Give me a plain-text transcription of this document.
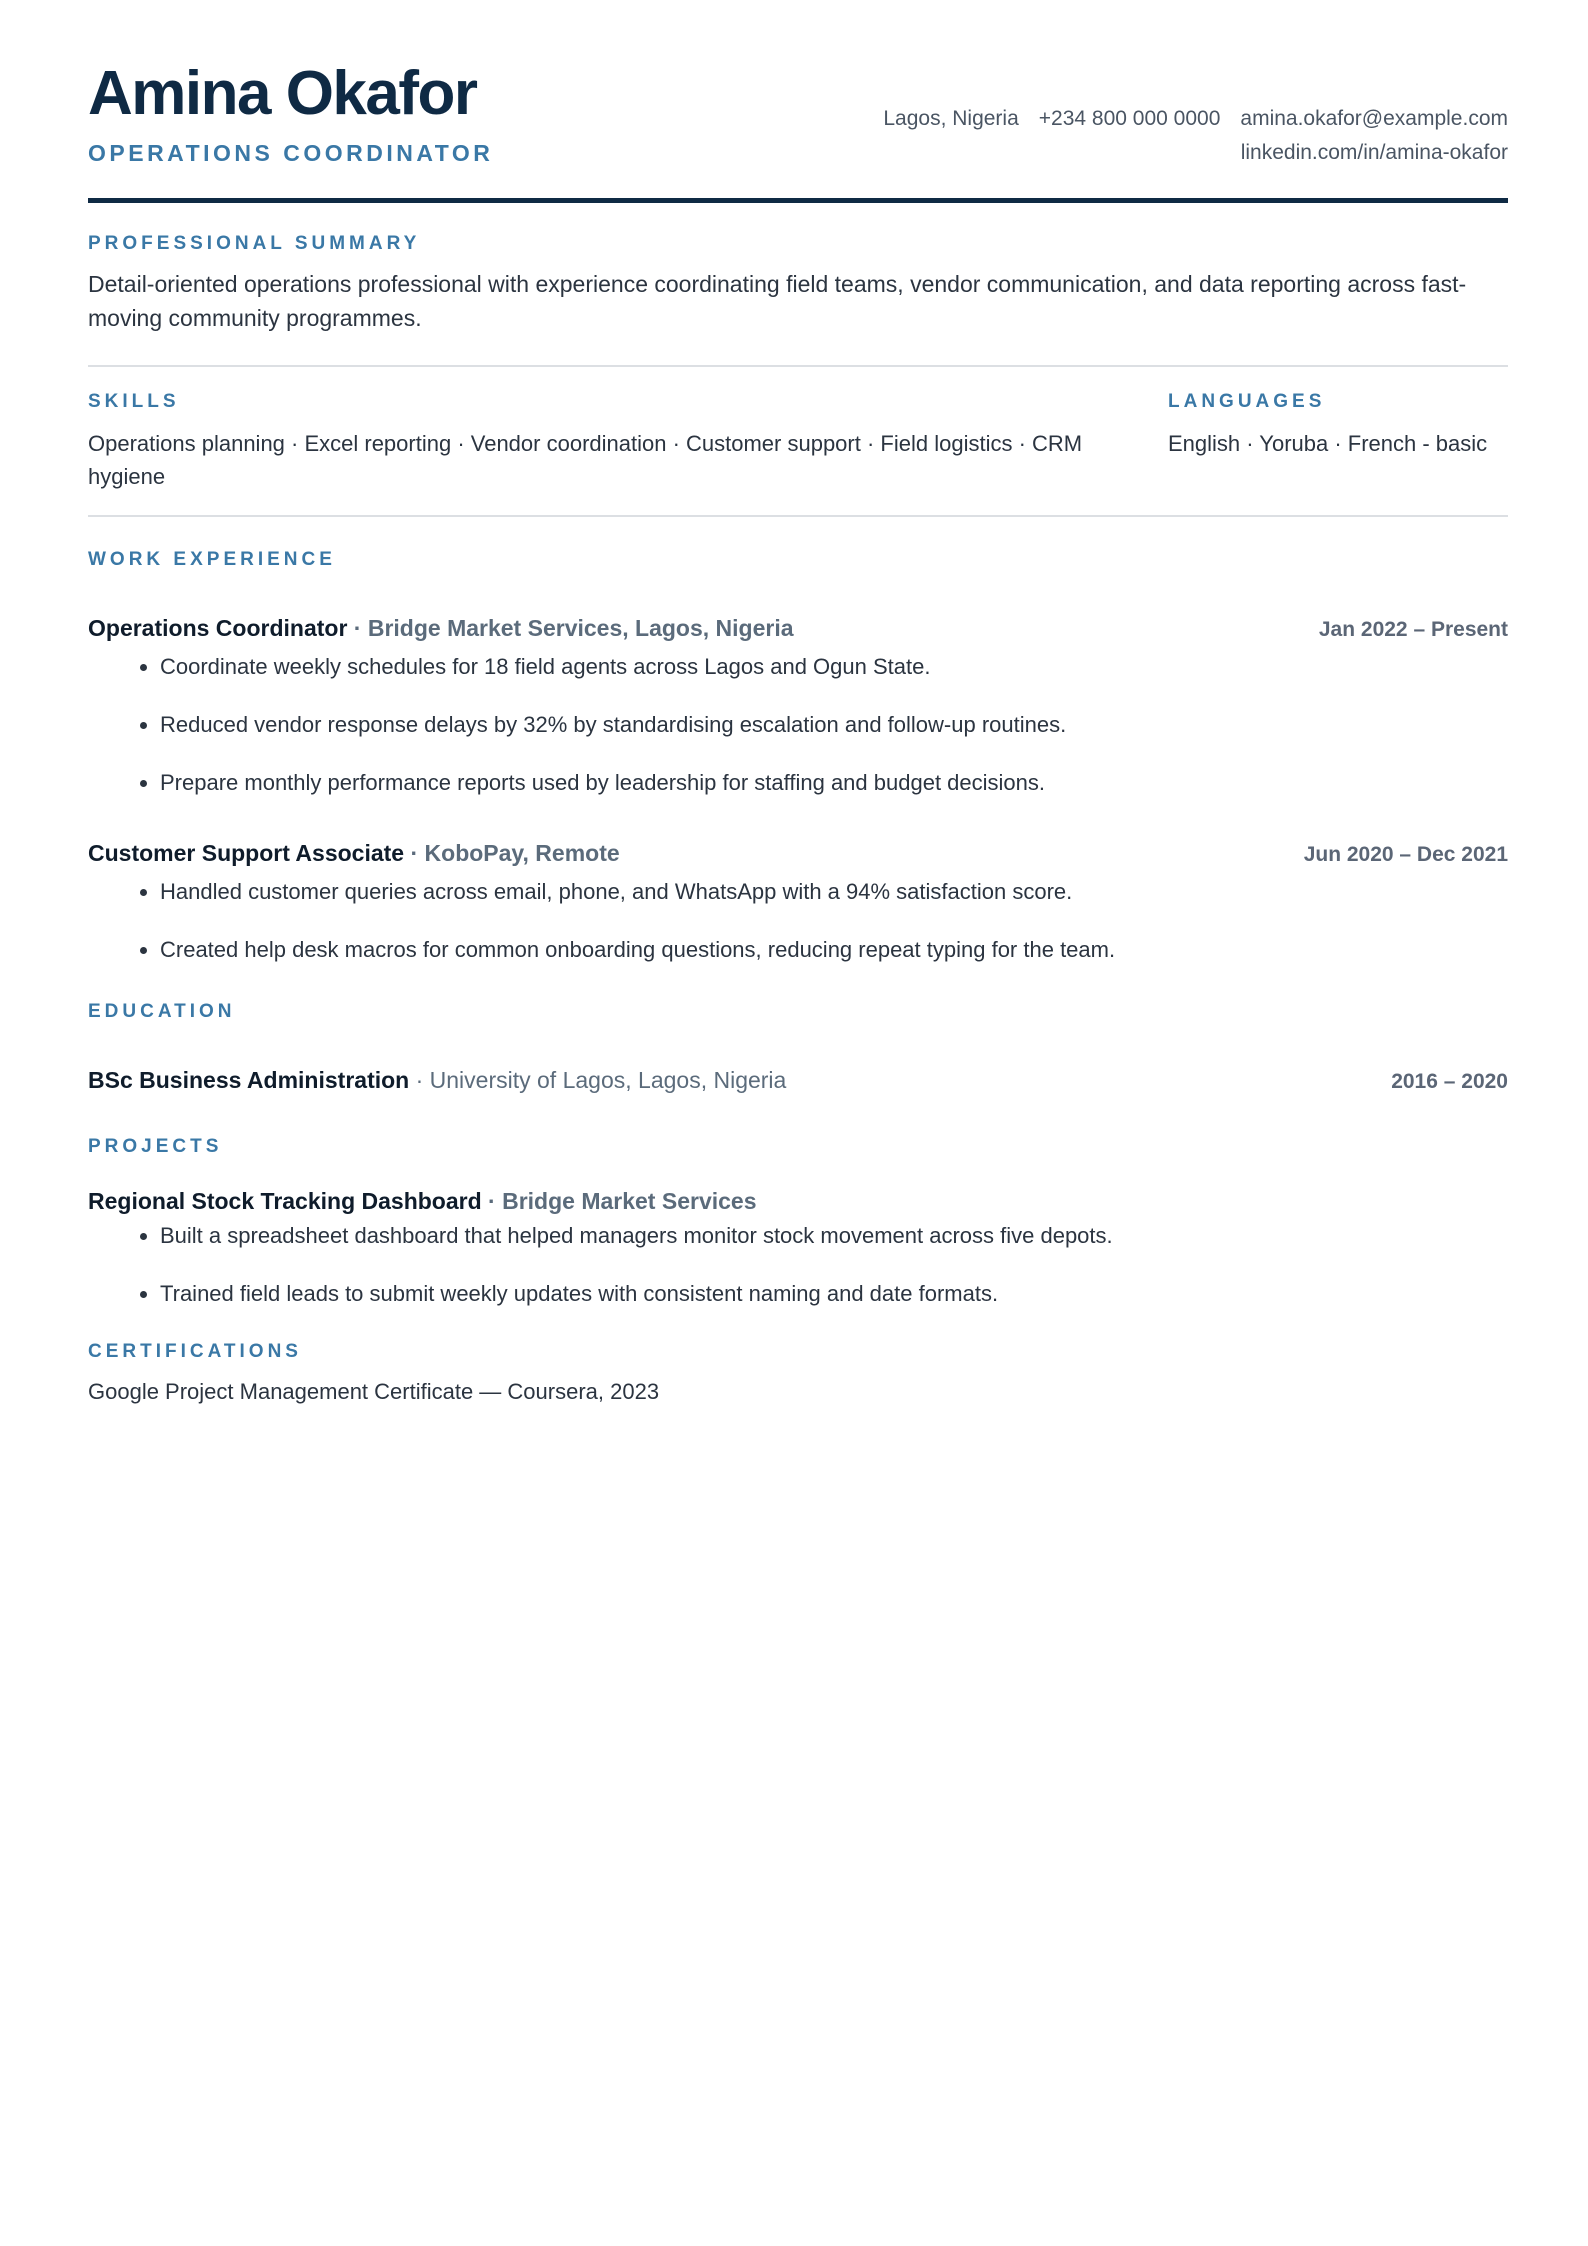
Amina Okafor
OPERATIONS COORDINATOR
Lagos, Nigeria +234 800 000 0000 amina.okafor@example.com
linkedin.com/in/amina-okafor
PROFESSIONAL SUMMARY
Detail-oriented operations professional with experience coordinating field teams, vendor communication, and data reporting across fast-moving community programmes.
SKILLS
Operations planning · Excel reporting · Vendor coordination · Customer support · Field logistics · CRM hygiene
LANGUAGES
English · Yoruba · French - basic
WORK EXPERIENCE
Operations Coordinator · Bridge Market Services, Lagos, Nigeria	Jan 2022 – Present
• Coordinate weekly schedules for 18 field agents across Lagos and Ogun State.
• Reduced vendor response delays by 32% by standardising escalation and follow-up routines.
• Prepare monthly performance reports used by leadership for staffing and budget decisions.
Customer Support Associate · KoboPay, Remote	Jun 2020 – Dec 2021
• Handled customer queries across email, phone, and WhatsApp with a 94% satisfaction score.
• Created help desk macros for common onboarding questions, reducing repeat typing for the team.
EDUCATION
BSc Business Administration · University of Lagos, Lagos, Nigeria	2016 – 2020
PROJECTS
Regional Stock Tracking Dashboard · Bridge Market Services
• Built a spreadsheet dashboard that helped managers monitor stock movement across five depots.
• Trained field leads to submit weekly updates with consistent naming and date formats.
CERTIFICATIONS
Google Project Management Certificate — Coursera, 2023
